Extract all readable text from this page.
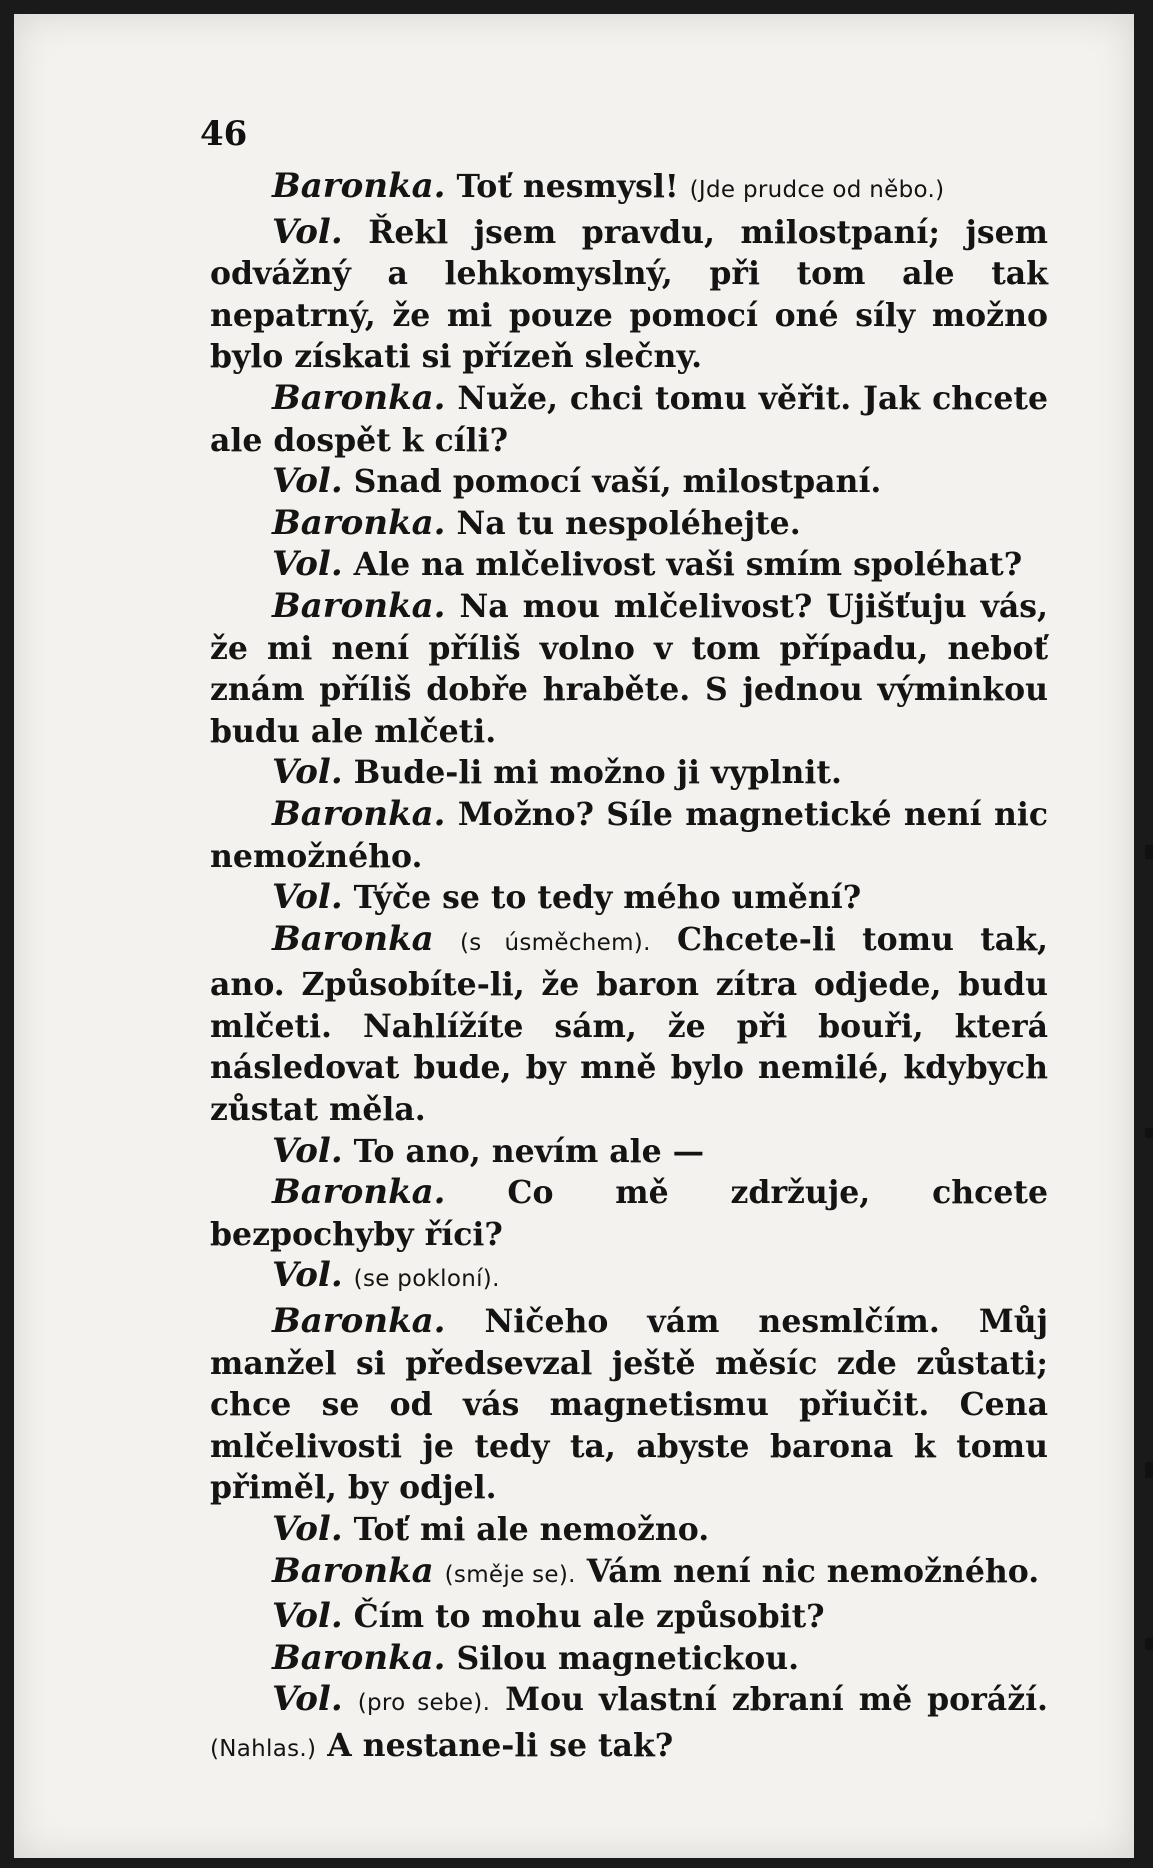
46

Baronka. Toť nesmysl! (Jde prudce od něbo.)

Vol. Řekl jsem pravdu, milostpaní; jsem odvážný a lehkomyslný, při tom ale tak nepatrný, že mi pouze pomocí oné síly možno bylo získati si přízeň slečny.

Baronka. Nuže, chci tomu věřit. Jak chcete ale dospět k cíli?

Vol. Snad pomocí vaší, milostpaní.

Baronka. Na tu nespoléhejte.

Vol. Ale na mlčelivost vaši smím spoléhat?

Baronka. Na mou mlčelivost? Ujišťuju vás, že mi není příliš volno v tom případu, neboť znám příliš dobře hraběte. S jednou výminkou budu ale mlčeti.

Vol. Bude-li mi možno ji vyplnit.

Baronka. Možno? Síle magnetické není nic nemožného.

Vol. Týče se to tedy mého umění?

Baronka (s úsměchem). Chcete-li tomu tak, ano. Způsobíte-li, že baron zítra odjede, budu mlčeti. Nahlížíte sám, že při bouři, která následovat bude, by mně bylo nemilé, kdybych zůstat měla.

Vol. To ano, nevím ale —

Baronka. Co mě zdržuje, chcete bezpochyby říci?

Vol. (se pokloní).

Baronka. Ničeho vám nesmlčím. Můj manžel si předsevzal ještě měsíc zde zůstati; chce se od vás magnetismu přiučit. Cena mlčelivosti je tedy ta, abyste barona k tomu přiměl, by odjel.

Vol. Toť mi ale nemožno.

Baronka (směje se). Vám není nic nemožného.

Vol. Čím to mohu ale způsobit?

Baronka. Silou magnetickou.

Vol. (pro sebe). Mou vlastní zbraní mě poráží. (Nahlas.) A nestane-li se tak?
